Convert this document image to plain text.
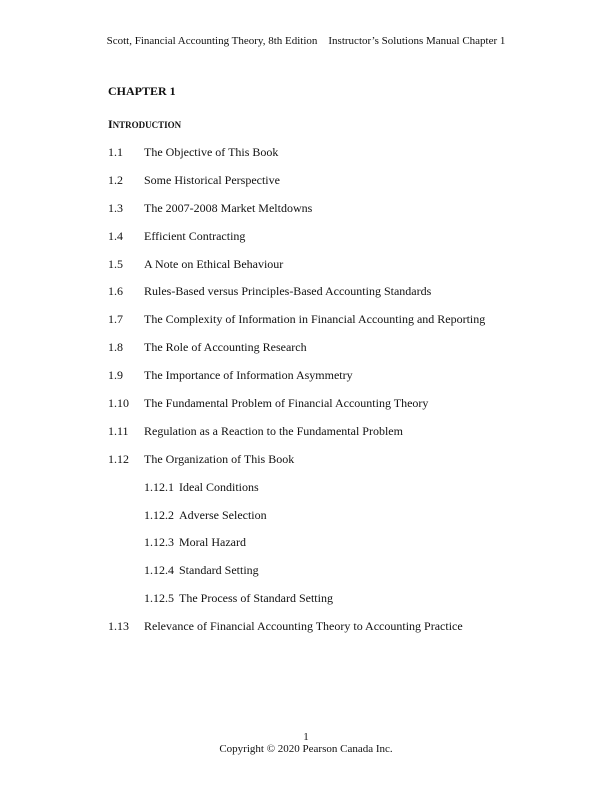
Scott, Financial Accounting Theory, 8th Edition    Instructor’s Solutions Manual Chapter 1
CHAPTER 1
INTRODUCTION
1.1	The Objective of This Book
1.2	Some Historical Perspective
1.3	The 2007-2008 Market Meltdowns
1.4	Efficient Contracting
1.5	A Note on Ethical Behaviour
1.6	Rules-Based versus Principles-Based Accounting Standards
1.7	The Complexity of Information in Financial Accounting and Reporting
1.8	The Role of Accounting Research
1.9	The Importance of Information Asymmetry
1.10	The Fundamental Problem of Financial Accounting Theory
1.11	Regulation as a Reaction to the Fundamental Problem
1.12	The Organization of This Book
1.12.1 Ideal Conditions
1.12.2 Adverse Selection
1.12.3 Moral Hazard
1.12.4 Standard Setting
1.12.5 The Process of Standard Setting
1.13	Relevance of Financial Accounting Theory to Accounting Practice
1
Copyright © 2020 Pearson Canada Inc.
